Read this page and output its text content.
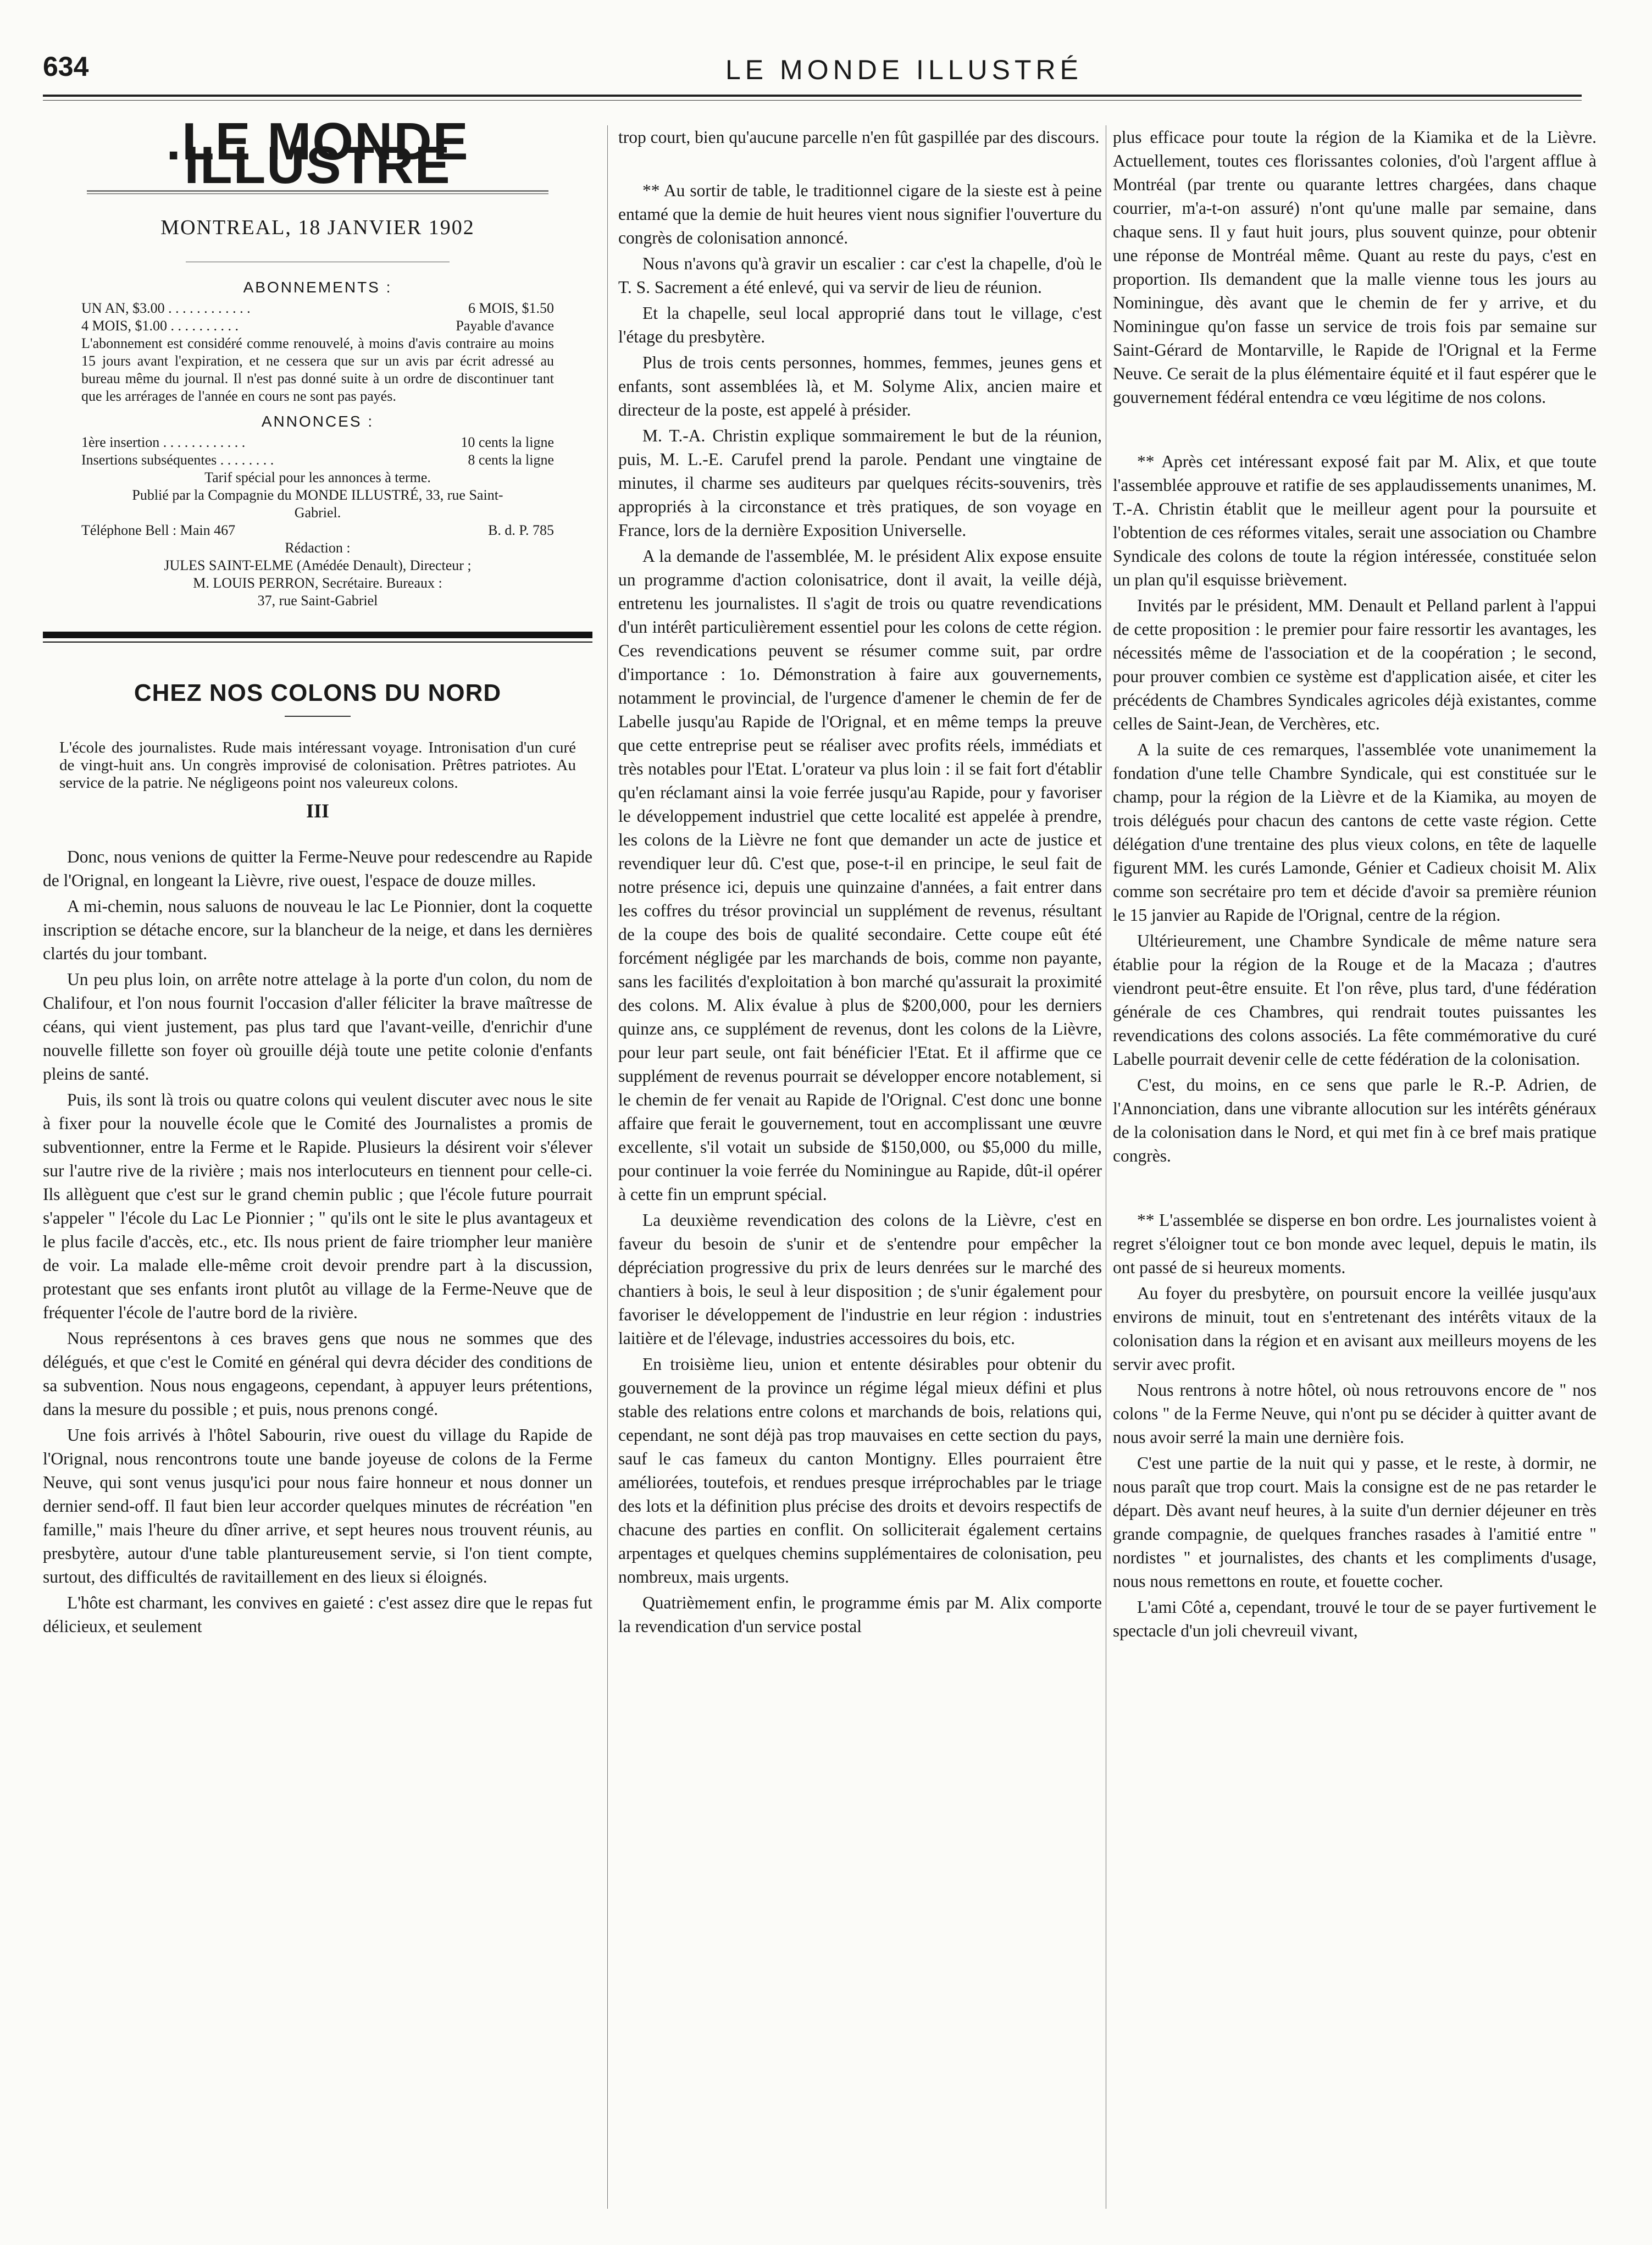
634	LE MONDE ILLUSTRÉ
.LE MONDE ILLUSTRE
MONTREAL, 18 JANVIER 1902
ABONNEMENTS :
UN AN, $3.00 . . . . . . . . . . . .	6 MOIS, $1.50
4 MOIS, $1.00 . . . . . . . . . .	Payable d'avance
L'abonnement est considéré comme renouvelé, à moins d'avis contraire au moins 15 jours avant l'expiration, et ne cessera que sur un avis par écrit adressé au bureau même du journal. Il n'est pas donné suite à un ordre de discontinuer tant que les arrérages de l'année en cours ne sont pas payés.
ANNONCES :
1ère insertion . . . . . . . . . . . .	10 cents la ligne
Insertions subséquentes . . . . . . . .	8 cents la ligne
Tarif spécial pour les annonces à terme.
Publié par la Compagnie du MONDE ILLUSTRÉ, 33, rue Saint-Gabriel.
Téléphone Bell : Main 467	B. d. P. 785
Rédaction :
JULES SAINT-ELME (Amédée Denault), Directeur ;
M. LOUIS PERRON, Secrétaire. Bureaux :
37, rue Saint-Gabriel
CHEZ NOS COLONS DU NORD
L'école des journalistes. Rude mais intéressant voyage. Intronisation d'un curé de vingt-huit ans. Un congrès improvisé de colonisation. Prêtres patriotes. Au service de la patrie. Ne négligeons point nos valeureux colons.
III

Donc, nous venions de quitter la Ferme-Neuve pour redescendre au Rapide de l'Orignal, en longeant la Lièvre, rive ouest, l'espace de douze milles.

A mi-chemin, nous saluons de nouveau le lac Le Pionnier, dont la coquette inscription se détache encore, sur la blancheur de la neige, et dans les dernières clartés du jour tombant.

Un peu plus loin, on arrête notre attelage à la porte d'un colon, du nom de Chalifour, et l'on nous fournit l'occasion d'aller féliciter la brave maîtresse de céans, qui vient justement, pas plus tard que l'avant-veille, d'enrichir d'une nouvelle fillette son foyer où grouille déjà toute une petite colonie d'enfants pleins de santé.

Puis, ils sont là trois ou quatre colons qui veulent discuter avec nous le site à fixer pour la nouvelle école que le Comité des Journalistes a promis de subventionner, entre la Ferme et le Rapide. Plusieurs la désirent voir s'élever sur l'autre rive de la rivière ; mais nos interlocuteurs en tiennent pour celle-ci. Ils allèguent que c'est sur le grand chemin public ; que l'école future pourrait s'appeler " l'école du Lac Le Pionnier ; " qu'ils ont le site le plus avantageux et le plus facile d'accès, etc., etc. Ils nous prient de faire triompher leur manière de voir. La malade elle-même croit devoir prendre part à la discussion, protestant que ses enfants iront plutôt au village de la Ferme-Neuve que de fréquenter l'école de l'autre bord de la rivière.

Nous représentons à ces braves gens que nous ne sommes que des délégués, et que c'est le Comité en général qui devra décider des conditions de sa subvention. Nous nous engageons, cependant, à appuyer leurs prétentions, dans la mesure du possible ; et puis, nous prenons congé.

Une fois arrivés à l'hôtel Sabourin, rive ouest du village du Rapide de l'Orignal, nous rencontrons toute une bande joyeuse de colons de la Ferme Neuve, qui sont venus jusqu'ici pour nous faire honneur et nous donner un dernier send-off. Il faut bien leur accorder quelques minutes de récréation "en famille," mais l'heure du dîner arrive, et sept heures nous trouvent réunis, au presbytère, autour d'une table plantureusement servie, si l'on tient compte, surtout, des difficultés de ravitaillement en des lieux si éloignés.

L'hôte est charmant, les convives en gaieté : c'est assez dire que le repas fut délicieux, et seulement

trop court, bien qu'aucune parcelle n'en fût gaspillée par des discours.

** Au sortir de table, le traditionnel cigare de la sieste est à peine entamé que la demie de huit heures vient nous signifier l'ouverture du congrès de colonisation annoncé.

Nous n'avons qu'à gravir un escalier : car c'est la chapelle, d'où le T. S. Sacrement a été enlevé, qui va servir de lieu de réunion.

Et la chapelle, seul local approprié dans tout le village, c'est l'étage du presbytère.

Plus de trois cents personnes, hommes, femmes, jeunes gens et enfants, sont assemblées là, et M. Solyme Alix, ancien maire et directeur de la poste, est appelé à présider.

M. T.-A. Christin explique sommairement le but de la réunion, puis, M. L.-E. Carufel prend la parole. Pendant une vingtaine de minutes, il charme ses auditeurs par quelques récits-souvenirs, très appropriés à la circonstance et très pratiques, de son voyage en France, lors de la dernière Exposition Universelle.

A la demande de l'assemblée, M. le président Alix expose ensuite un programme d'action colonisatrice, dont il avait, la veille déjà, entretenu les journalistes. Il s'agit de trois ou quatre revendications d'un intérêt particulièrement essentiel pour les colons de cette région. Ces revendications peuvent se résumer comme suit, par ordre d'importance : 1o. Démonstration à faire aux gouvernements, notamment le provincial, de l'urgence d'amener le chemin de fer de Labelle jusqu'au Rapide de l'Orignal, et en même temps la preuve que cette entreprise peut se réaliser avec profits réels, immédiats et très notables pour l'Etat. L'orateur va plus loin : il se fait fort d'établir qu'en réclamant ainsi la voie ferrée jusqu'au Rapide, pour y favoriser le développement industriel que cette localité est appelée à prendre, les colons de la Lièvre ne font que demander un acte de justice et revendiquer leur dû. C'est que, pose-t-il en principe, le seul fait de notre présence ici, depuis une quinzaine d'années, a fait entrer dans les coffres du trésor provincial un supplément de revenus, résultant de la coupe des bois de qualité secondaire. Cette coupe eût été forcément négligée par les marchands de bois, comme non payante, sans les facilités d'exploitation à bon marché qu'assurait la proximité des colons. M. Alix évalue à plus de $200,000, pour les derniers quinze ans, ce supplément de revenus, dont les colons de la Lièvre, pour leur part seule, ont fait bénéficier l'Etat. Et il affirme que ce supplément de revenus pourrait se développer encore notablement, si le chemin de fer venait au Rapide de l'Orignal. C'est donc une bonne affaire que ferait le gouvernement, tout en accomplissant une œuvre excellente, s'il votait un subside de $150,000, ou $5,000 du mille, pour continuer la voie ferrée du Nominingue au Rapide, dût-il opérer à cette fin un emprunt spécial.

La deuxième revendication des colons de la Lièvre, c'est en faveur du besoin de s'unir et de s'entendre pour empêcher la dépréciation progressive du prix de leurs denrées sur le marché des chantiers à bois, le seul à leur disposition ; de s'unir également pour favoriser le développement de l'industrie en leur région : industries laitière et de l'élevage, industries accessoires du bois, etc.

En troisième lieu, union et entente désirables pour obtenir du gouvernement de la province un régime légal mieux défini et plus stable des relations entre colons et marchands de bois, relations qui, cependant, ne sont déjà pas trop mauvaises en cette section du pays, sauf le cas fameux du canton Montigny. Elles pourraient être améliorées, toutefois, et rendues presque irréprochables par le triage des lots et la définition plus précise des droits et devoirs respectifs de chacune des parties en conflit. On solliciterait également certains arpentages et quelques chemins supplémentaires de colonisation, peu nombreux, mais urgents.

Quatrièmement enfin, le programme émis par M. Alix comporte la revendication d'un service postal

plus efficace pour toute la région de la Kiamika et de la Lièvre. Actuellement, toutes ces florissantes colonies, d'où l'argent afflue à Montréal (par trente ou quarante lettres chargées, dans chaque courrier, m'a-t-on assuré) n'ont qu'une malle par semaine, dans chaque sens. Il y faut huit jours, plus souvent quinze, pour obtenir une réponse de Montréal même. Quant au reste du pays, c'est en proportion. Ils demandent que la malle vienne tous les jours au Nominingue, dès avant que le chemin de fer y arrive, et du Nominingue qu'on fasse un service de trois fois par semaine sur Saint-Gérard de Montarville, le Rapide de l'Orignal et la Ferme Neuve. Ce serait de la plus élémentaire équité et il faut espérer que le gouvernement fédéral entendra ce vœu légitime de nos colons.

** Après cet intéressant exposé fait par M. Alix, et que toute l'assemblée approuve et ratifie de ses applaudissements unanimes, M. T.-A. Christin établit que le meilleur agent pour la poursuite et l'obtention de ces réformes vitales, serait une association ou Chambre Syndicale des colons de toute la région intéressée, constituée selon un plan qu'il esquisse brièvement.

Invités par le président, MM. Denault et Pelland parlent à l'appui de cette proposition : le premier pour faire ressortir les avantages, les nécessités même de l'association et de la coopération ; le second, pour prouver combien ce système est d'application aisée, et citer les précédents de Chambres Syndicales agricoles déjà existantes, comme celles de Saint-Jean, de Verchères, etc.

A la suite de ces remarques, l'assemblée vote unanimement la fondation d'une telle Chambre Syndicale, qui est constituée sur le champ, pour la région de la Lièvre et de la Kiamika, au moyen de trois délégués pour chacun des cantons de cette vaste région. Cette délégation d'une trentaine des plus vieux colons, en tête de laquelle figurent MM. les curés Lamonde, Génier et Cadieux choisit M. Alix comme son secrétaire pro tem et décide d'avoir sa première réunion le 15 janvier au Rapide de l'Orignal, centre de la région.

Ultérieurement, une Chambre Syndicale de même nature sera établie pour la région de la Rouge et de la Macaza ; d'autres viendront peut-être ensuite. Et l'on rêve, plus tard, d'une fédération générale de ces Chambres, qui rendrait toutes puissantes les revendications des colons associés. La fête commémorative du curé Labelle pourrait devenir celle de cette fédération de la colonisation.

C'est, du moins, en ce sens que parle le R.-P. Adrien, de l'Annonciation, dans une vibrante allocution sur les intérêts généraux de la colonisation dans le Nord, et qui met fin à ce bref mais pratique congrès.

** L'assemblée se disperse en bon ordre. Les journalistes voient à regret s'éloigner tout ce bon monde avec lequel, depuis le matin, ils ont passé de si heureux moments.

Au foyer du presbytère, on poursuit encore la veillée jusqu'aux environs de minuit, tout en s'entretenant des intérêts vitaux de la colonisation dans la région et en avisant aux meilleurs moyens de les servir avec profit.

Nous rentrons à notre hôtel, où nous retrouvons encore de " nos colons " de la Ferme Neuve, qui n'ont pu se décider à quitter avant de nous avoir serré la main une dernière fois.

C'est une partie de la nuit qui y passe, et le reste, à dormir, ne nous paraît que trop court. Mais la consigne est de ne pas retarder le départ. Dès avant neuf heures, à la suite d'un dernier déjeuner en très grande compagnie, de quelques franches rasades à l'amitié entre " nordistes " et journalistes, des chants et les compliments d'usage, nous nous remettons en route, et fouette cocher.

L'ami Côté a, cependant, trouvé le tour de se payer furtivement le spectacle d'un joli chevreuil vivant,
